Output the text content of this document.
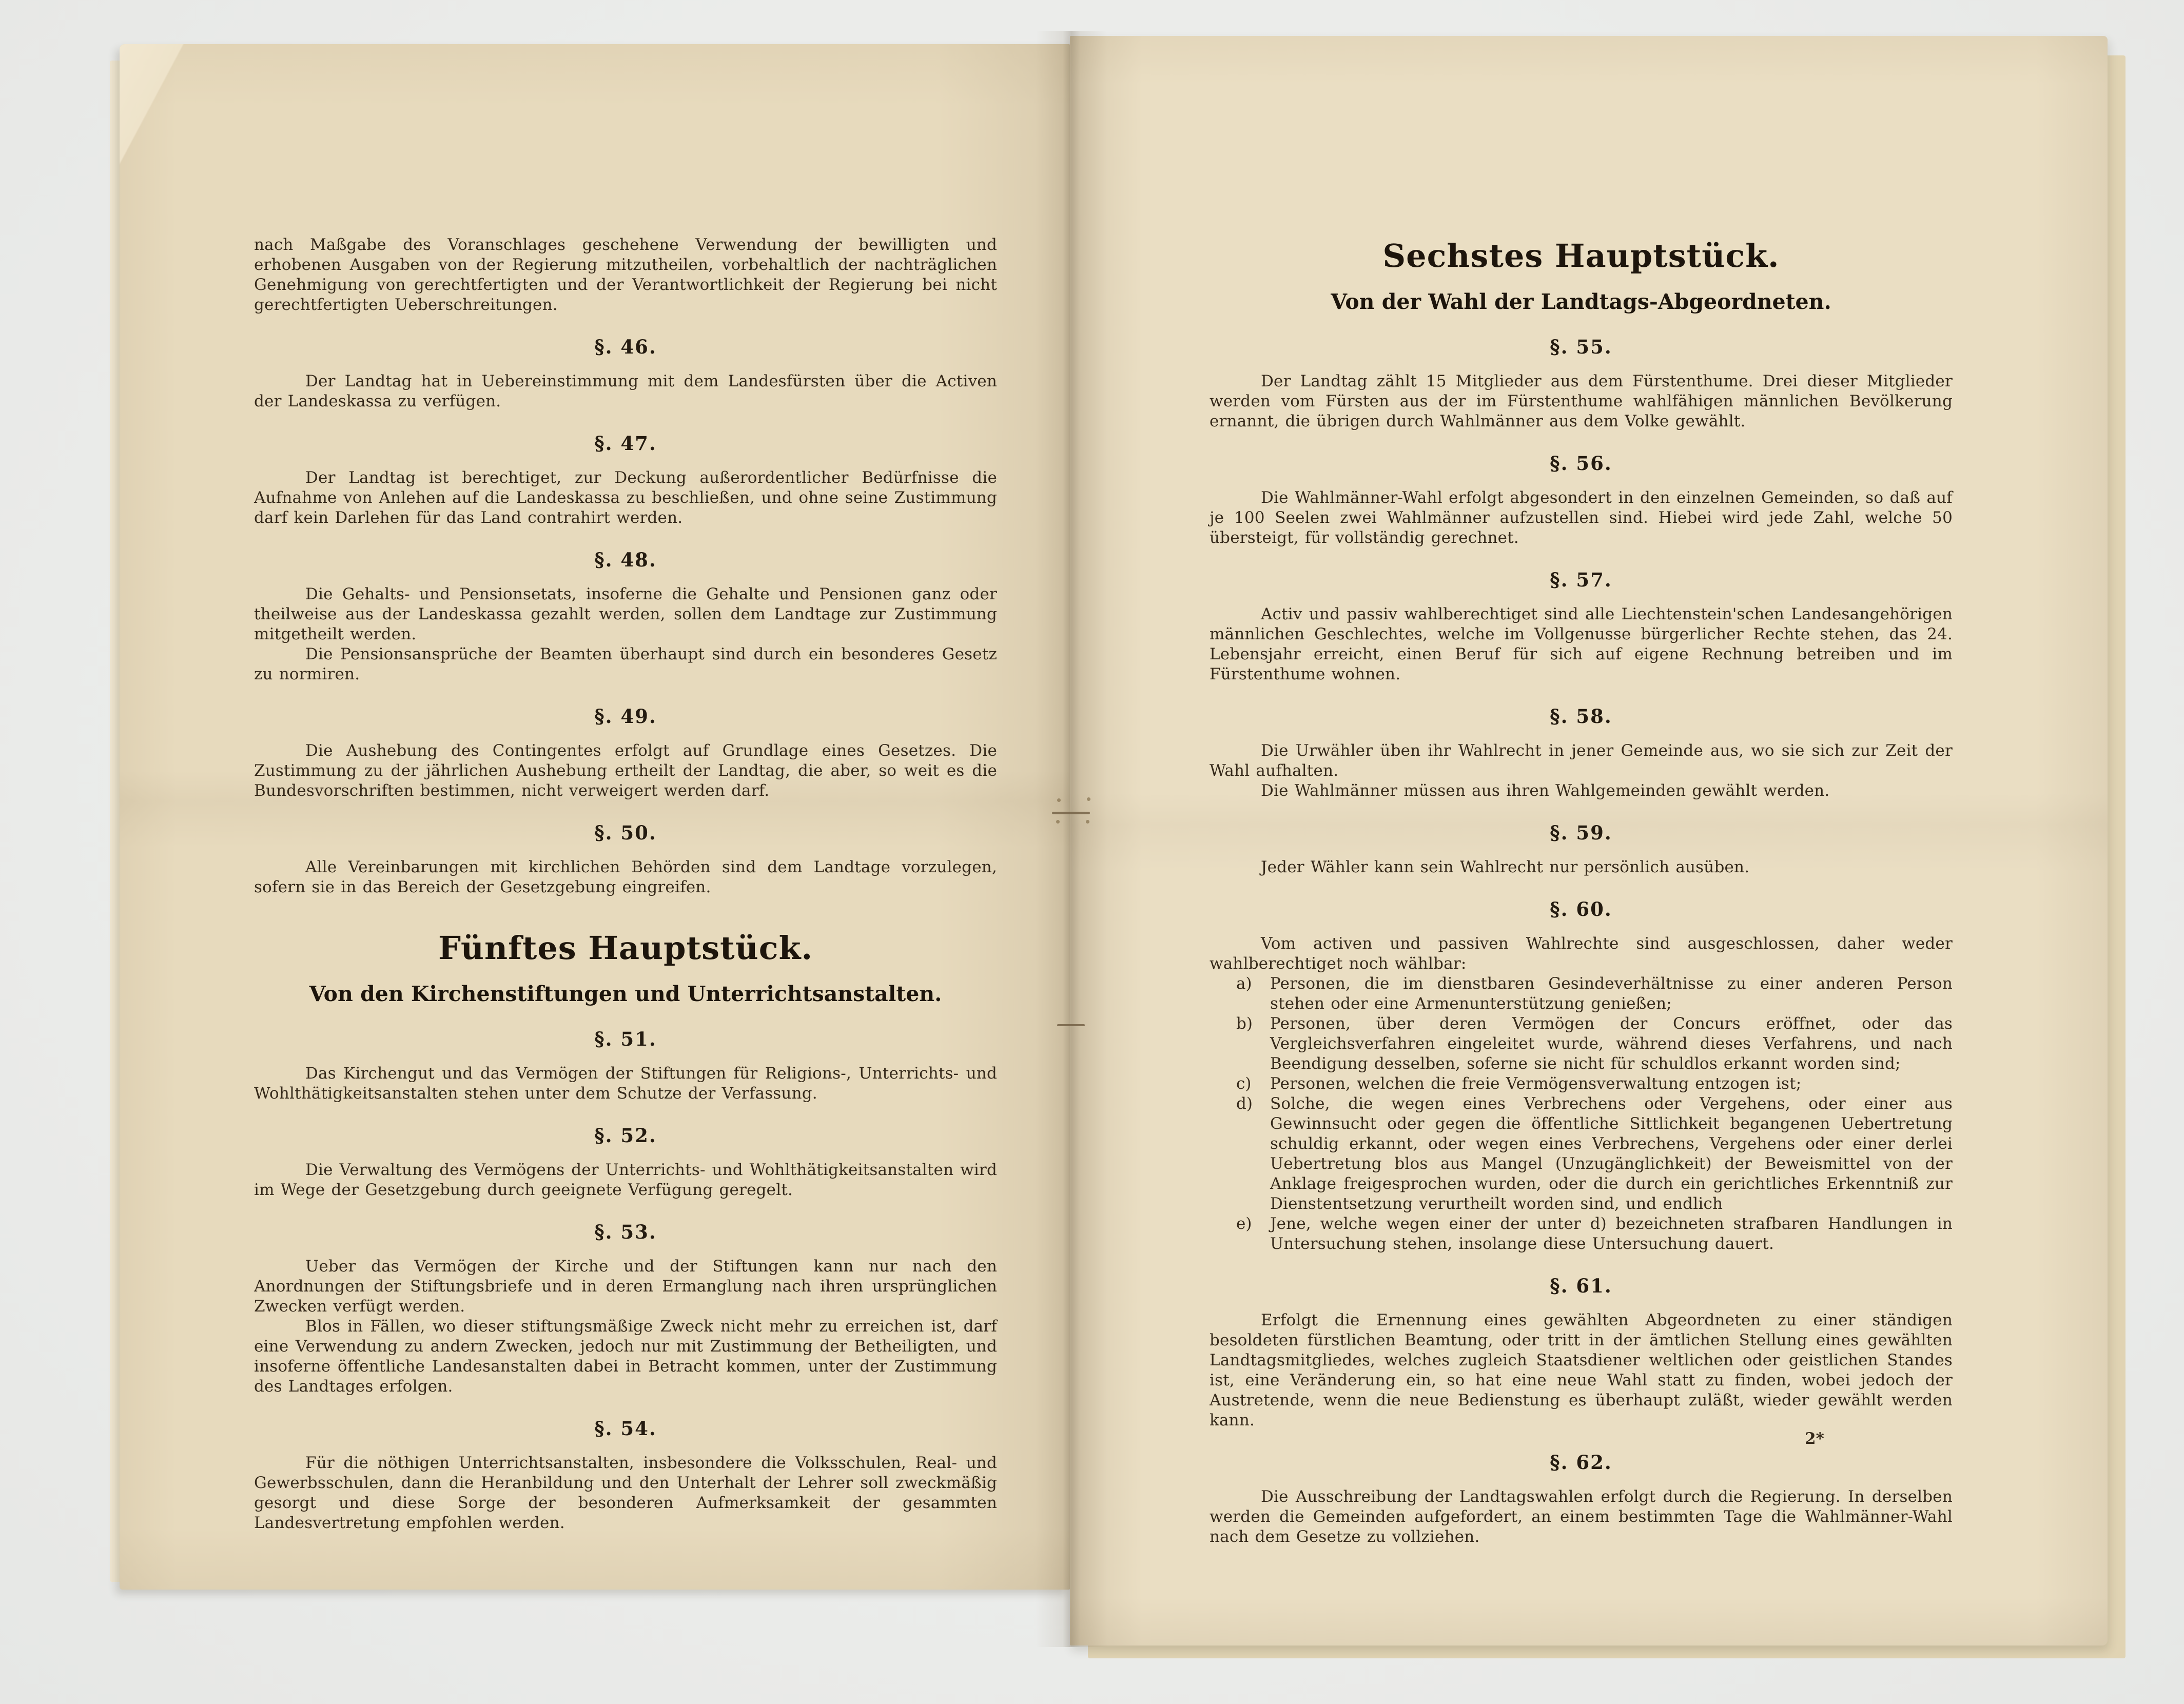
nach Maßgabe des Voranschlages geschehene Verwendung der bewilligten und erhobenen Ausgaben von der Regierung mitzutheilen, vorbehaltlich der nachträglichen Genehmigung von gerechtfertigten und der Verantwortlichkeit der Regierung bei nicht gerechtfertigten Ueberschreitungen.

§. 46.

Der Landtag hat in Uebereinstimmung mit dem Landesfürsten über die Activen der Landeskassa zu verfügen.

§. 47.

Der Landtag ist berechtiget, zur Deckung außerordentlicher Bedürfnisse die Aufnahme von Anlehen auf die Landeskassa zu beschließen, und ohne seine Zustimmung darf kein Darlehen für das Land contrahirt werden.

§. 48.

Die Gehalts- und Pensionsetats, insoferne die Gehalte und Pensionen ganz oder theilweise aus der Landeskassa gezahlt werden, sollen dem Landtage zur Zustimmung mitgetheilt werden.

Die Pensionsansprüche der Beamten überhaupt sind durch ein besonderes Gesetz zu normiren.

§. 49.

Die Aushebung des Contingentes erfolgt auf Grundlage eines Gesetzes. Die Zustimmung zu der jährlichen Aushebung ertheilt der Landtag, die aber, so weit es die Bundesvorschriften bestimmen, nicht verweigert werden darf.

§. 50.

Alle Vereinbarungen mit kirchlichen Behörden sind dem Landtage vorzulegen, sofern sie in das Bereich der Gesetzgebung eingreifen.

Fünftes Hauptstück.
Von den Kirchenstiftungen und Unterrichtsanstalten.
§. 51.

Das Kirchengut und das Vermögen der Stiftungen für Religions-, Unterrichts- und Wohlthätigkeitsanstalten stehen unter dem Schutze der Verfassung.

§. 52.

Die Verwaltung des Vermögens der Unterrichts- und Wohlthätigkeitsanstalten wird im Wege der Gesetzgebung durch geeignete Verfügung geregelt.

§. 53.

Ueber das Vermögen der Kirche und der Stiftungen kann nur nach den Anordnungen der Stiftungsbriefe und in deren Ermanglung nach ihren ursprünglichen Zwecken verfügt werden.

Blos in Fällen, wo dieser stiftungsmäßige Zweck nicht mehr zu erreichen ist, darf eine Verwendung zu andern Zwecken, jedoch nur mit Zustimmung der Betheiligten, und insoferne öffentliche Landesanstalten dabei in Betracht kommen, unter der Zustimmung des Landtages erfolgen.

§. 54.

Für die nöthigen Unterrichtsanstalten, insbesondere die Volksschulen, Real- und Gewerbsschulen, dann die Heranbildung und den Unterhalt der Lehrer soll zweckmäßig gesorgt und diese Sorge der besonderen Aufmerksamkeit der gesammten Landesvertretung empfohlen werden.

Sechstes Hauptstück.
Von der Wahl der Landtags-Abgeordneten.
§. 55.

Der Landtag zählt 15 Mitglieder aus dem Fürstenthume. Drei dieser Mitglieder werden vom Fürsten aus der im Fürstenthume wahlfähigen männlichen Bevölkerung ernannt, die übrigen durch Wahlmänner aus dem Volke gewählt.

§. 56.

Die Wahlmänner-Wahl erfolgt abgesondert in den einzelnen Gemeinden, so daß auf je 100 Seelen zwei Wahlmänner aufzustellen sind. Hiebei wird jede Zahl, welche 50 übersteigt, für vollständig gerechnet.

§. 57.

Activ und passiv wahlberechtiget sind alle Liechtenstein'schen Landesangehörigen männlichen Geschlechtes, welche im Vollgenusse bürgerlicher Rechte stehen, das 24. Lebensjahr erreicht, einen Beruf für sich auf eigene Rechnung betreiben und im Fürstenthume wohnen.

§. 58.

Die Urwähler üben ihr Wahlrecht in jener Gemeinde aus, wo sie sich zur Zeit der Wahl aufhalten.

Die Wahlmänner müssen aus ihren Wahlgemeinden gewählt werden.

§. 59.

Jeder Wähler kann sein Wahlrecht nur persönlich ausüben.

§. 60.

Vom activen und passiven Wahlrechte sind ausgeschlossen, daher weder wahlberechtiget noch wählbar:

a) Personen, die im dienstbaren Gesindeverhältnisse zu einer anderen Person stehen oder eine Armenunterstützung genießen;

b) Personen, über deren Vermögen der Concurs eröffnet, oder das Vergleichsverfahren eingeleitet wurde, während dieses Verfahrens, und nach Beendigung desselben, soferne sie nicht für schuldlos erkannt worden sind;

c) Personen, welchen die freie Vermögensverwaltung entzogen ist;

d) Solche, die wegen eines Verbrechens oder Vergehens, oder einer aus Gewinnsucht oder gegen die öffentliche Sittlichkeit begangenen Uebertretung schuldig erkannt, oder wegen eines Verbrechens, Vergehens oder einer derlei Uebertretung blos aus Mangel (Unzugänglichkeit) der Beweismittel von der Anklage freigesprochen wurden, oder die durch ein gerichtliches Erkenntniß zur Dienstentsetzung verurtheilt worden sind, und endlich

e) Jene, welche wegen einer der unter d) bezeichneten strafbaren Handlungen in Untersuchung stehen, insolange diese Untersuchung dauert.

§. 61.

Erfolgt die Ernennung eines gewählten Abgeordneten zu einer ständigen besoldeten fürstlichen Beamtung, oder tritt in der ämtlichen Stellung eines gewählten Landtagsmitgliedes, welches zugleich Staatsdiener weltlichen oder geistlichen Standes ist, eine Veränderung ein, so hat eine neue Wahl statt zu finden, wobei jedoch der Austretende, wenn die neue Bedienstung es überhaupt zuläßt, wieder gewählt werden kann.

§. 62.

Die Ausschreibung der Landtagswahlen erfolgt durch die Regierung. In derselben werden die Gemeinden aufgefordert, an einem bestimmten Tage die Wahlmänner-Wahl nach dem Gesetze zu vollziehen.

2*
